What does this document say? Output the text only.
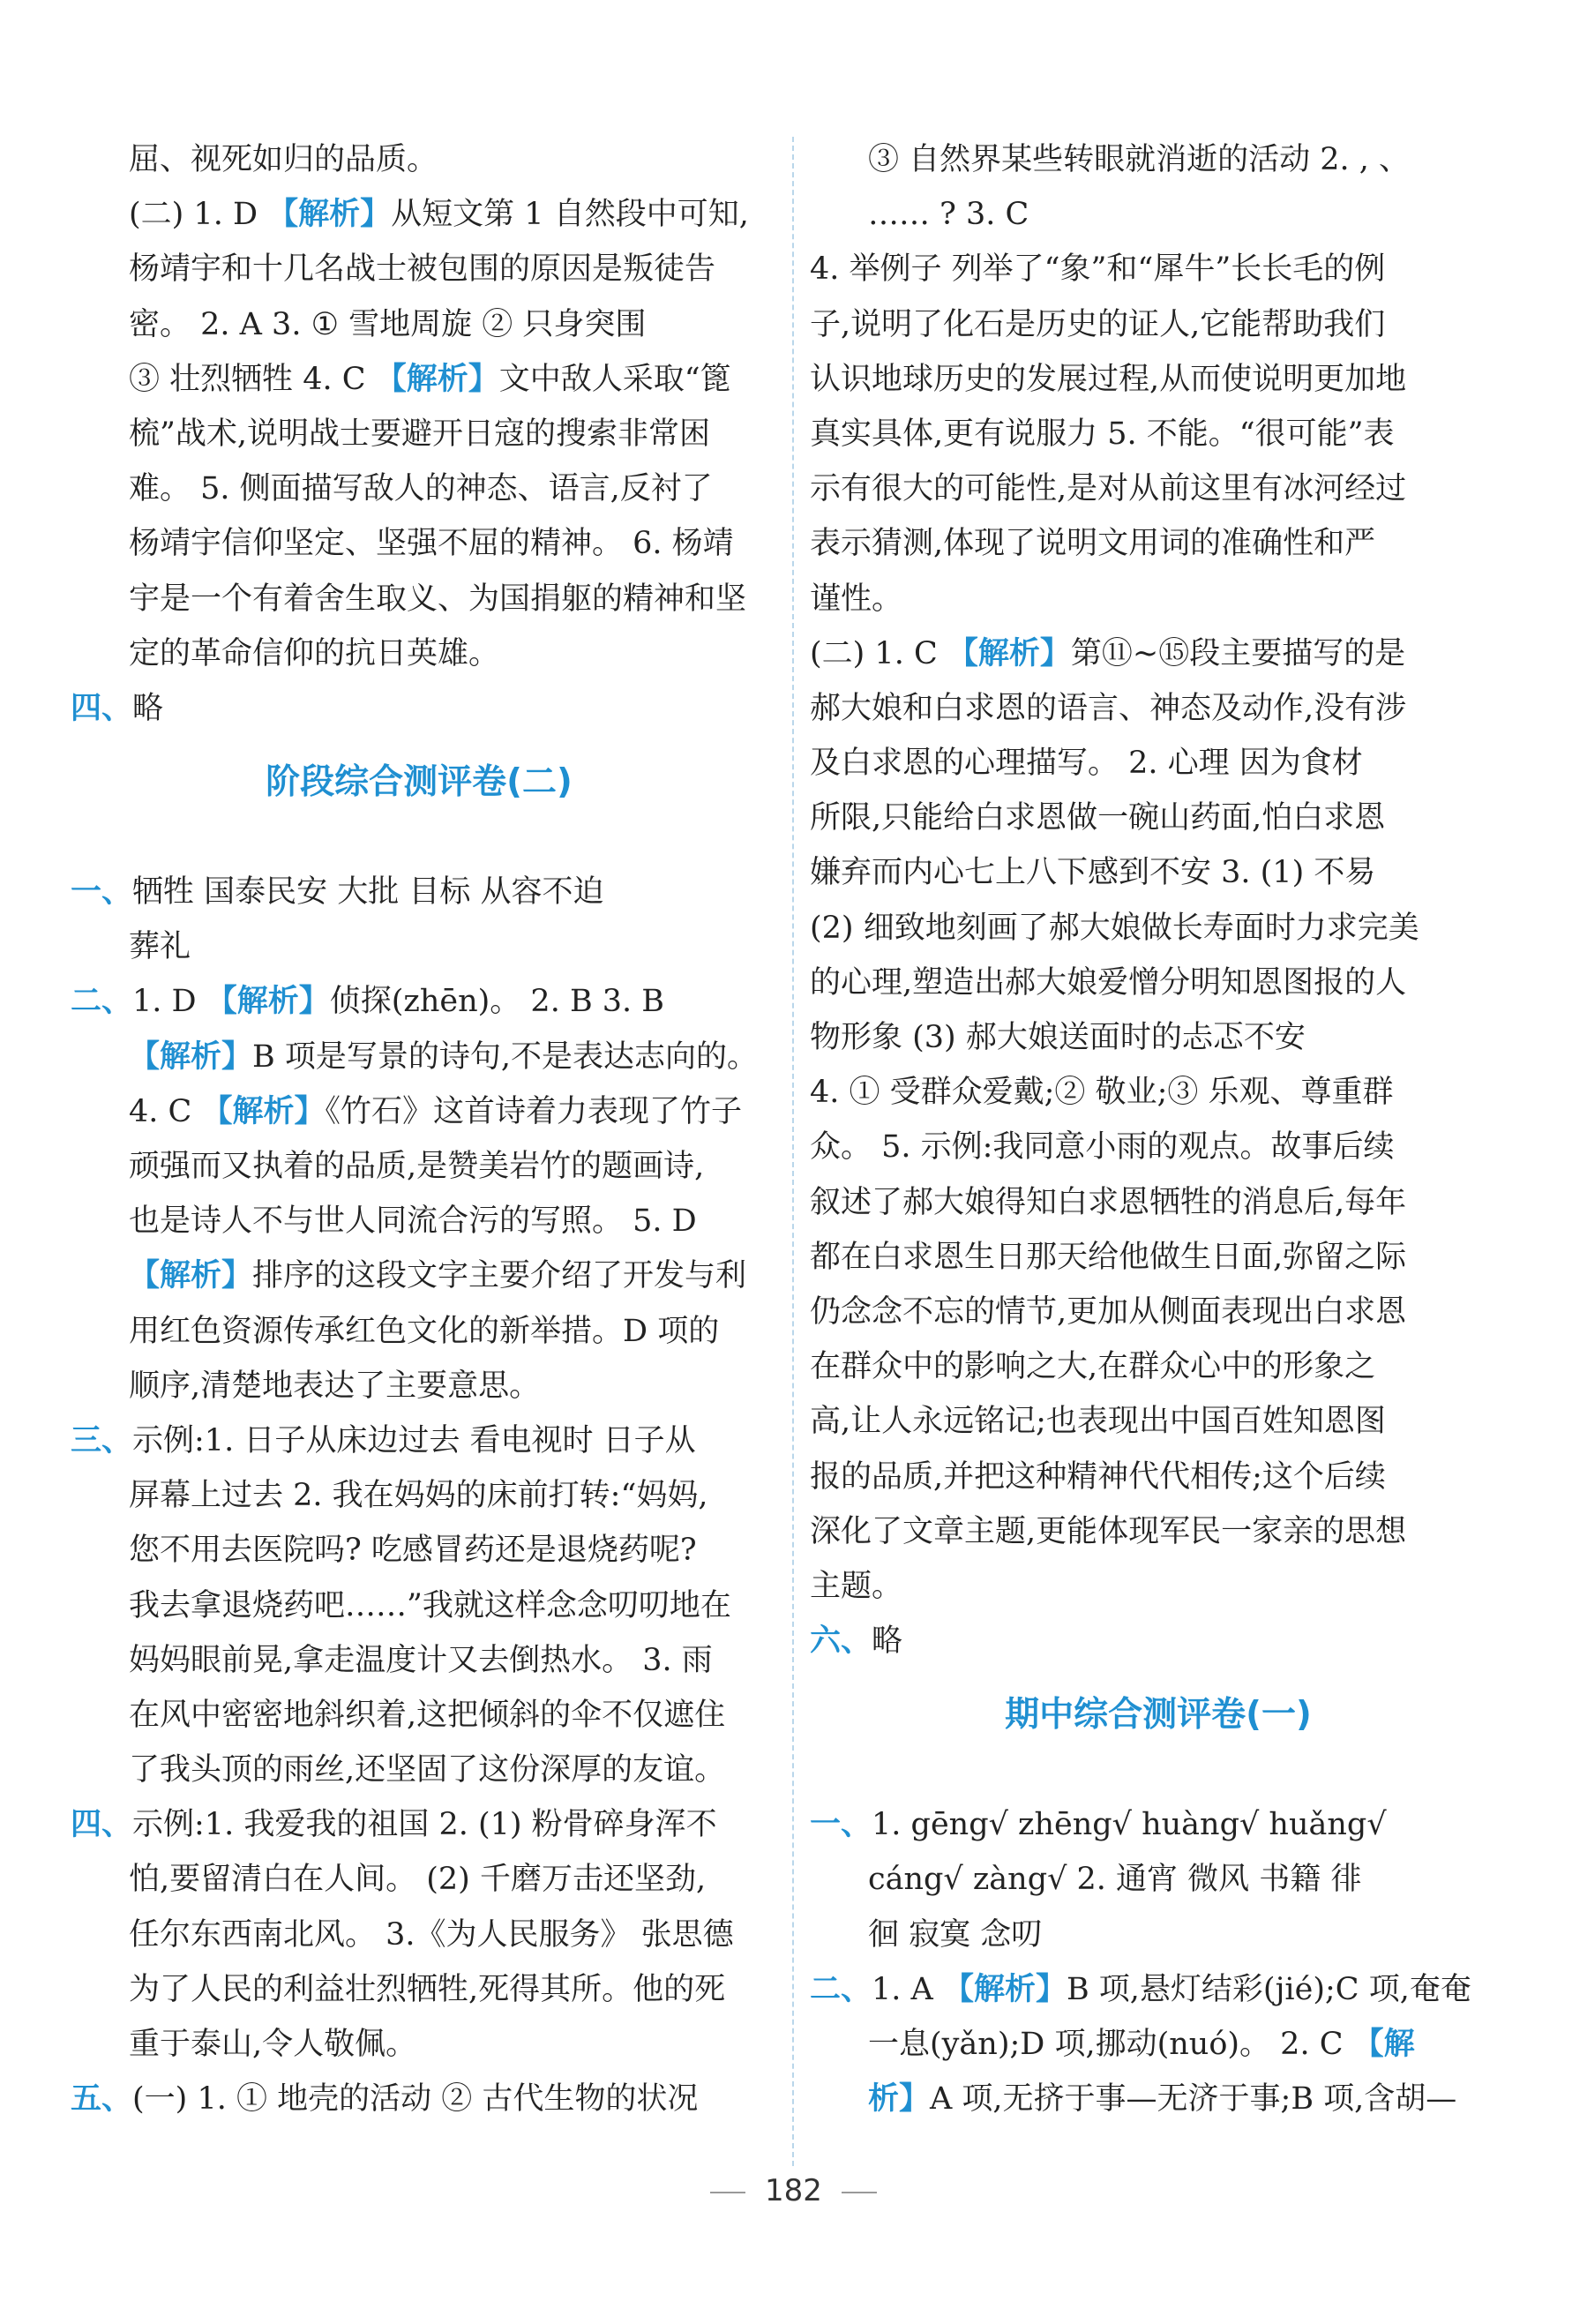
屈、视死如归的品质。
(二) 1. D 【解析】从短文第 1 自然段中可知,
杨靖宇和十几名战士被包围的原因是叛徒告
密。 2. A 3. ① 雪地周旋 ② 只身突围
③ 壮烈牺牲 4. C 【解析】文中敌人采取“篦
梳”战术,说明战士要避开日寇的搜索非常困
难。 5. 侧面描写敌人的神态、语言,反衬了
杨靖宇信仰坚定、坚强不屈的精神。 6. 杨靖
宇是一个有着舍生取义、为国捐躯的精神和坚
定的革命信仰的抗日英雄。
四、略
阶段综合测评卷(二)
一、牺牲 国泰民安 大批 目标 从容不迫
葬礼
二、1. D 【解析】侦探(zhēn)。 2. B 3. B
【解析】B 项是写景的诗句,不是表达志向的。
4. C 【解析】《竹石》这首诗着力表现了竹子
顽强而又执着的品质,是赞美岩竹的题画诗,
也是诗人不与世人同流合污的写照。 5. D
【解析】排序的这段文字主要介绍了开发与利
用红色资源传承红色文化的新举措。D 项的
顺序,清楚地表达了主要意思。
三、示例:1. 日子从床边过去 看电视时 日子从
屏幕上过去 2. 我在妈妈的床前打转:“妈妈,
您不用去医院吗? 吃感冒药还是退烧药呢?
我去拿退烧药吧……”我就这样念念叨叨地在
妈妈眼前晃,拿走温度计又去倒热水。 3. 雨
在风中密密地斜织着,这把倾斜的伞不仅遮住
了我头顶的雨丝,还坚固了这份深厚的友谊。
四、示例:1. 我爱我的祖国 2. (1) 粉骨碎身浑不
怕,要留清白在人间。 (2) 千磨万击还坚劲,
任尔东西南北风。 3.《为人民服务》 张思德
为了人民的利益壮烈牺牲,死得其所。他的死
重于泰山,令人敬佩。
五、(一) 1. ① 地壳的活动 ② 古代生物的状况
③ 自然界某些转眼就消逝的活动 2. , 、
…… ? 3. C
4. 举例子 列举了“象”和“犀牛”长长毛的例
子,说明了化石是历史的证人,它能帮助我们
认识地球历史的发展过程,从而使说明更加地
真实具体,更有说服力 5. 不能。“很可能”表
示有很大的可能性,是对从前这里有冰河经过
表示猜测,体现了说明文用词的准确性和严
谨性。
(二) 1. C 【解析】第⑪~⑮段主要描写的是
郝大娘和白求恩的语言、神态及动作,没有涉
及白求恩的心理描写。 2. 心理 因为食材
所限,只能给白求恩做一碗山药面,怕白求恩
嫌弃而内心七上八下感到不安 3. (1) 不易
(2) 细致地刻画了郝大娘做长寿面时力求完美
的心理,塑造出郝大娘爱憎分明知恩图报的人
物形象 (3) 郝大娘送面时的忐忑不安
4. ① 受群众爱戴;② 敬业;③ 乐观、尊重群
众。 5. 示例:我同意小雨的观点。故事后续
叙述了郝大娘得知白求恩牺牲的消息后,每年
都在白求恩生日那天给他做生日面,弥留之际
仍念念不忘的情节,更加从侧面表现出白求恩
在群众中的影响之大,在群众心中的形象之
高,让人永远铭记;也表现出中国百姓知恩图
报的品质,并把这种精神代代相传;这个后续
深化了文章主题,更能体现军民一家亲的思想
主题。
六、略
期中综合测评卷(一)
一、1. gēng√ zhēng√ huàng√ huǎng√
cáng√ zàng√ 2. 通宵 微风 书籍 徘
徊 寂寞 念叨
二、1. A 【解析】B 项,悬灯结彩(jié);C 项,奄奄
一息(yǎn);D 项,挪动(nuó)。 2. C 【解
析】A 项,无挤于事—无济于事;B 项,含胡—
182
